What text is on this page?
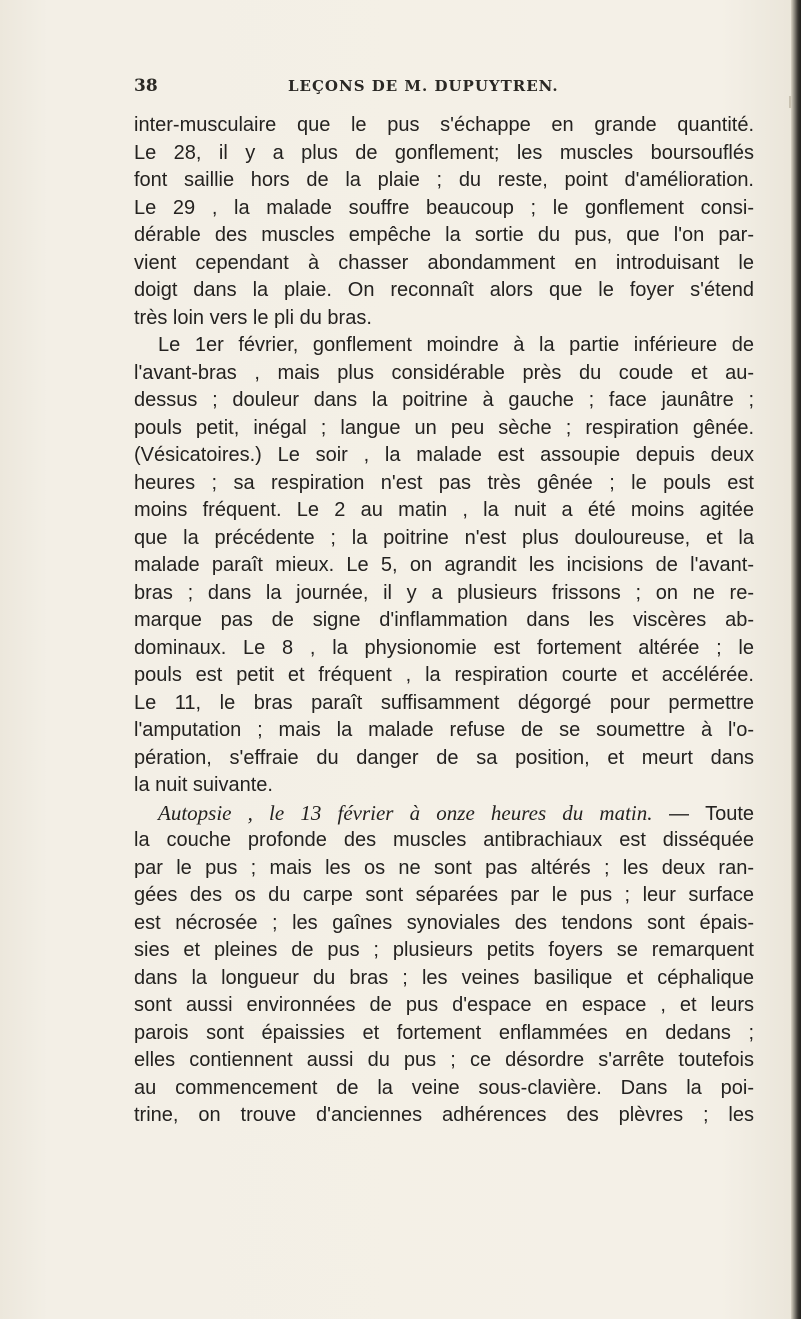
38	LEÇONS DE M. DUPUYTREN.
inter-musculaire que le pus s'échappe en grande quantité.
Le 28, il y a plus de gonflement; les muscles boursouflés
font saillie hors de la plaie ; du reste, point d'amélioration.
Le 29 , la malade souffre beaucoup ; le gonflement consi-
dérable des muscles empêche la sortie du pus, que l'on par-
vient cependant à chasser abondamment en introduisant le
doigt dans la plaie. On reconnaît alors que le foyer s'étend
très loin vers le pli du bras.
Le 1er février, gonflement moindre à la partie inférieure de
l'avant-bras , mais plus considérable près du coude et au-
dessus ; douleur dans la poitrine à gauche ; face jaunâtre ;
pouls petit, inégal ; langue un peu sèche ; respiration gênée.
(Vésicatoires.) Le soir , la malade est assoupie depuis deux
heures ; sa respiration n'est pas très gênée ; le pouls est
moins fréquent. Le 2 au matin , la nuit a été moins agitée
que la précédente ; la poitrine n'est plus douloureuse, et la
malade paraît mieux. Le 5, on agrandit les incisions de l'avant-
bras ; dans la journée, il y a plusieurs frissons ; on ne re-
marque pas de signe d'inflammation dans les viscères ab-
dominaux. Le 8 , la physionomie est fortement altérée ; le
pouls est petit et fréquent , la respiration courte et accélérée.
Le 11, le bras paraît suffisamment dégorgé pour permettre
l'amputation ; mais la malade refuse de se soumettre à l'o-
pération, s'effraie du danger de sa position, et meurt dans
la nuit suivante.
Autopsie , le 13 février à onze heures du matin. — Toute
la couche profonde des muscles antibrachiaux est disséquée
par le pus ; mais les os ne sont pas altérés ; les deux ran-
gées des os du carpe sont séparées par le pus ; leur surface
est nécrosée ; les gaînes synoviales des tendons sont épais-
sies et pleines de pus ; plusieurs petits foyers se remarquent
dans la longueur du bras ; les veines basilique et céphalique
sont aussi environnées de pus d'espace en espace , et leurs
parois sont épaissies et fortement enflammées en dedans ;
elles contiennent aussi du pus ; ce désordre s'arrête toutefois
au commencement de la veine sous-clavière. Dans la poi-
trine, on trouve d'anciennes adhérences des plèvres ; les
